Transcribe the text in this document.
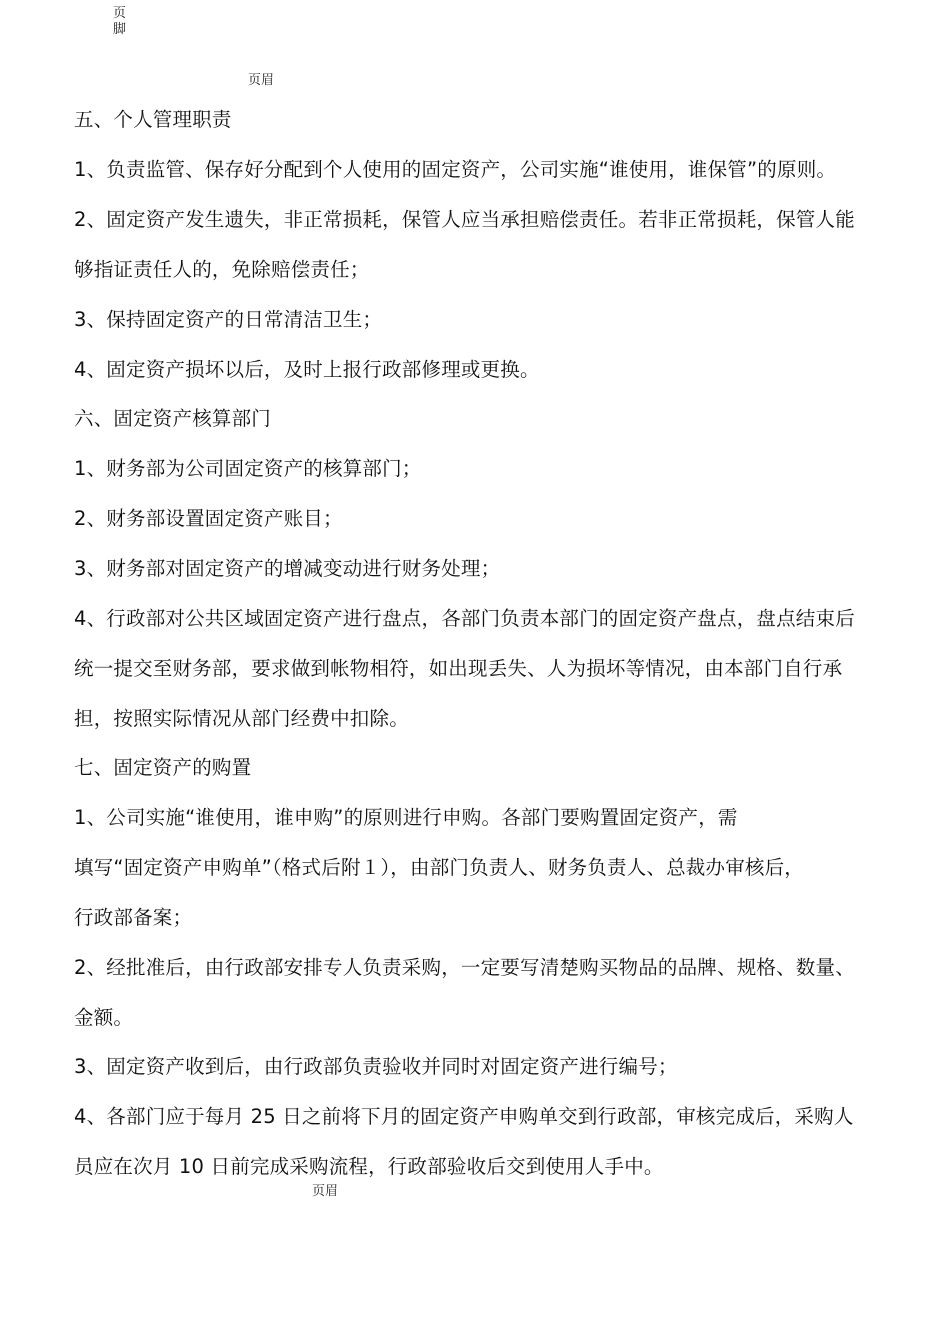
页脚
页眉
五、个人管理职责
1、负责监管、保存好分配到个人使用的固定资产，公司实施“谁使用，谁保管”的原则。
2、固定资产发生遗失，非正常损耗，保管人应当承担赔偿责任。若非正常损耗，保管人能
够指证责任人的，免除赔偿责任；
3、保持固定资产的日常清洁卫生；
4、固定资产损坏以后，及时上报行政部修理或更换。
六、固定资产核算部门
1、财务部为公司固定资产的核算部门；
2、财务部设置固定资产账目；
3、财务部对固定资产的增减变动进行财务处理；
4、行政部对公共区域固定资产进行盘点，各部门负责本部门的固定资产盘点，盘点结束后
统一提交至财务部，要求做到帐物相符，如出现丢失、人为损坏等情况，由本部门自行承
担，按照实际情况从部门经费中扣除。
七、固定资产的购置
1、公司实施“谁使用，谁申购”的原则进行申购。各部门要购置固定资产，需
填写“固定资产申购单”（格式后附１），由部门负责人、财务负责人、总裁办审核后，
行政部备案；
2、经批准后，由行政部安排专人负责采购，一定要写清楚购买物品的品牌、规格、数量、
金额。
3、固定资产收到后，由行政部负责验收并同时对固定资产进行编号；
4、各部门应于每月 25 日之前将下月的固定资产申购单交到行政部，审核完成后，采购人
员应在次月 10 日前完成采购流程，行政部验收后交到使用人手中。
页眉
